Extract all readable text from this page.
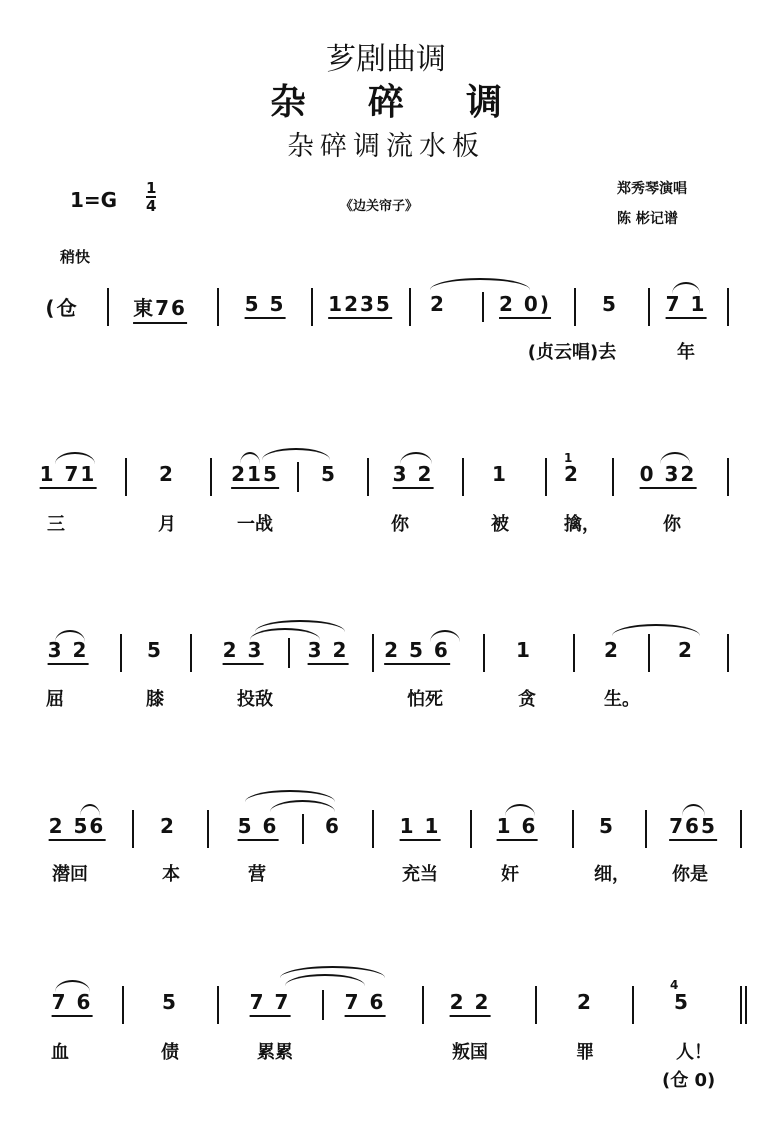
芗剧曲调
杂碎调
杂碎调流水板
1=G 1
4	《边关帘子》
郑秀琴演唱
陈 彬记谱
稍快
(仓	東76	5 5 1235 2	2 0)	5 7 1
(贞云唱)去	年
1 71	2	215 5	3 2	1	2	0 32
三	月	一战	你	被	擒，	你
3 2	5	2 3 3 2 2 5 6	1	2	2
屈	膝	投敌	怕死	贪	生。
2 56	2	5 6 6	1 1	1 6	5	765
潜回	本	营	充当	奸	细， 你是
7 6	5	7 7	7 6	2 2	2	5
血	债	累累	叛国	罪	人！
1
4
(仓 0)
